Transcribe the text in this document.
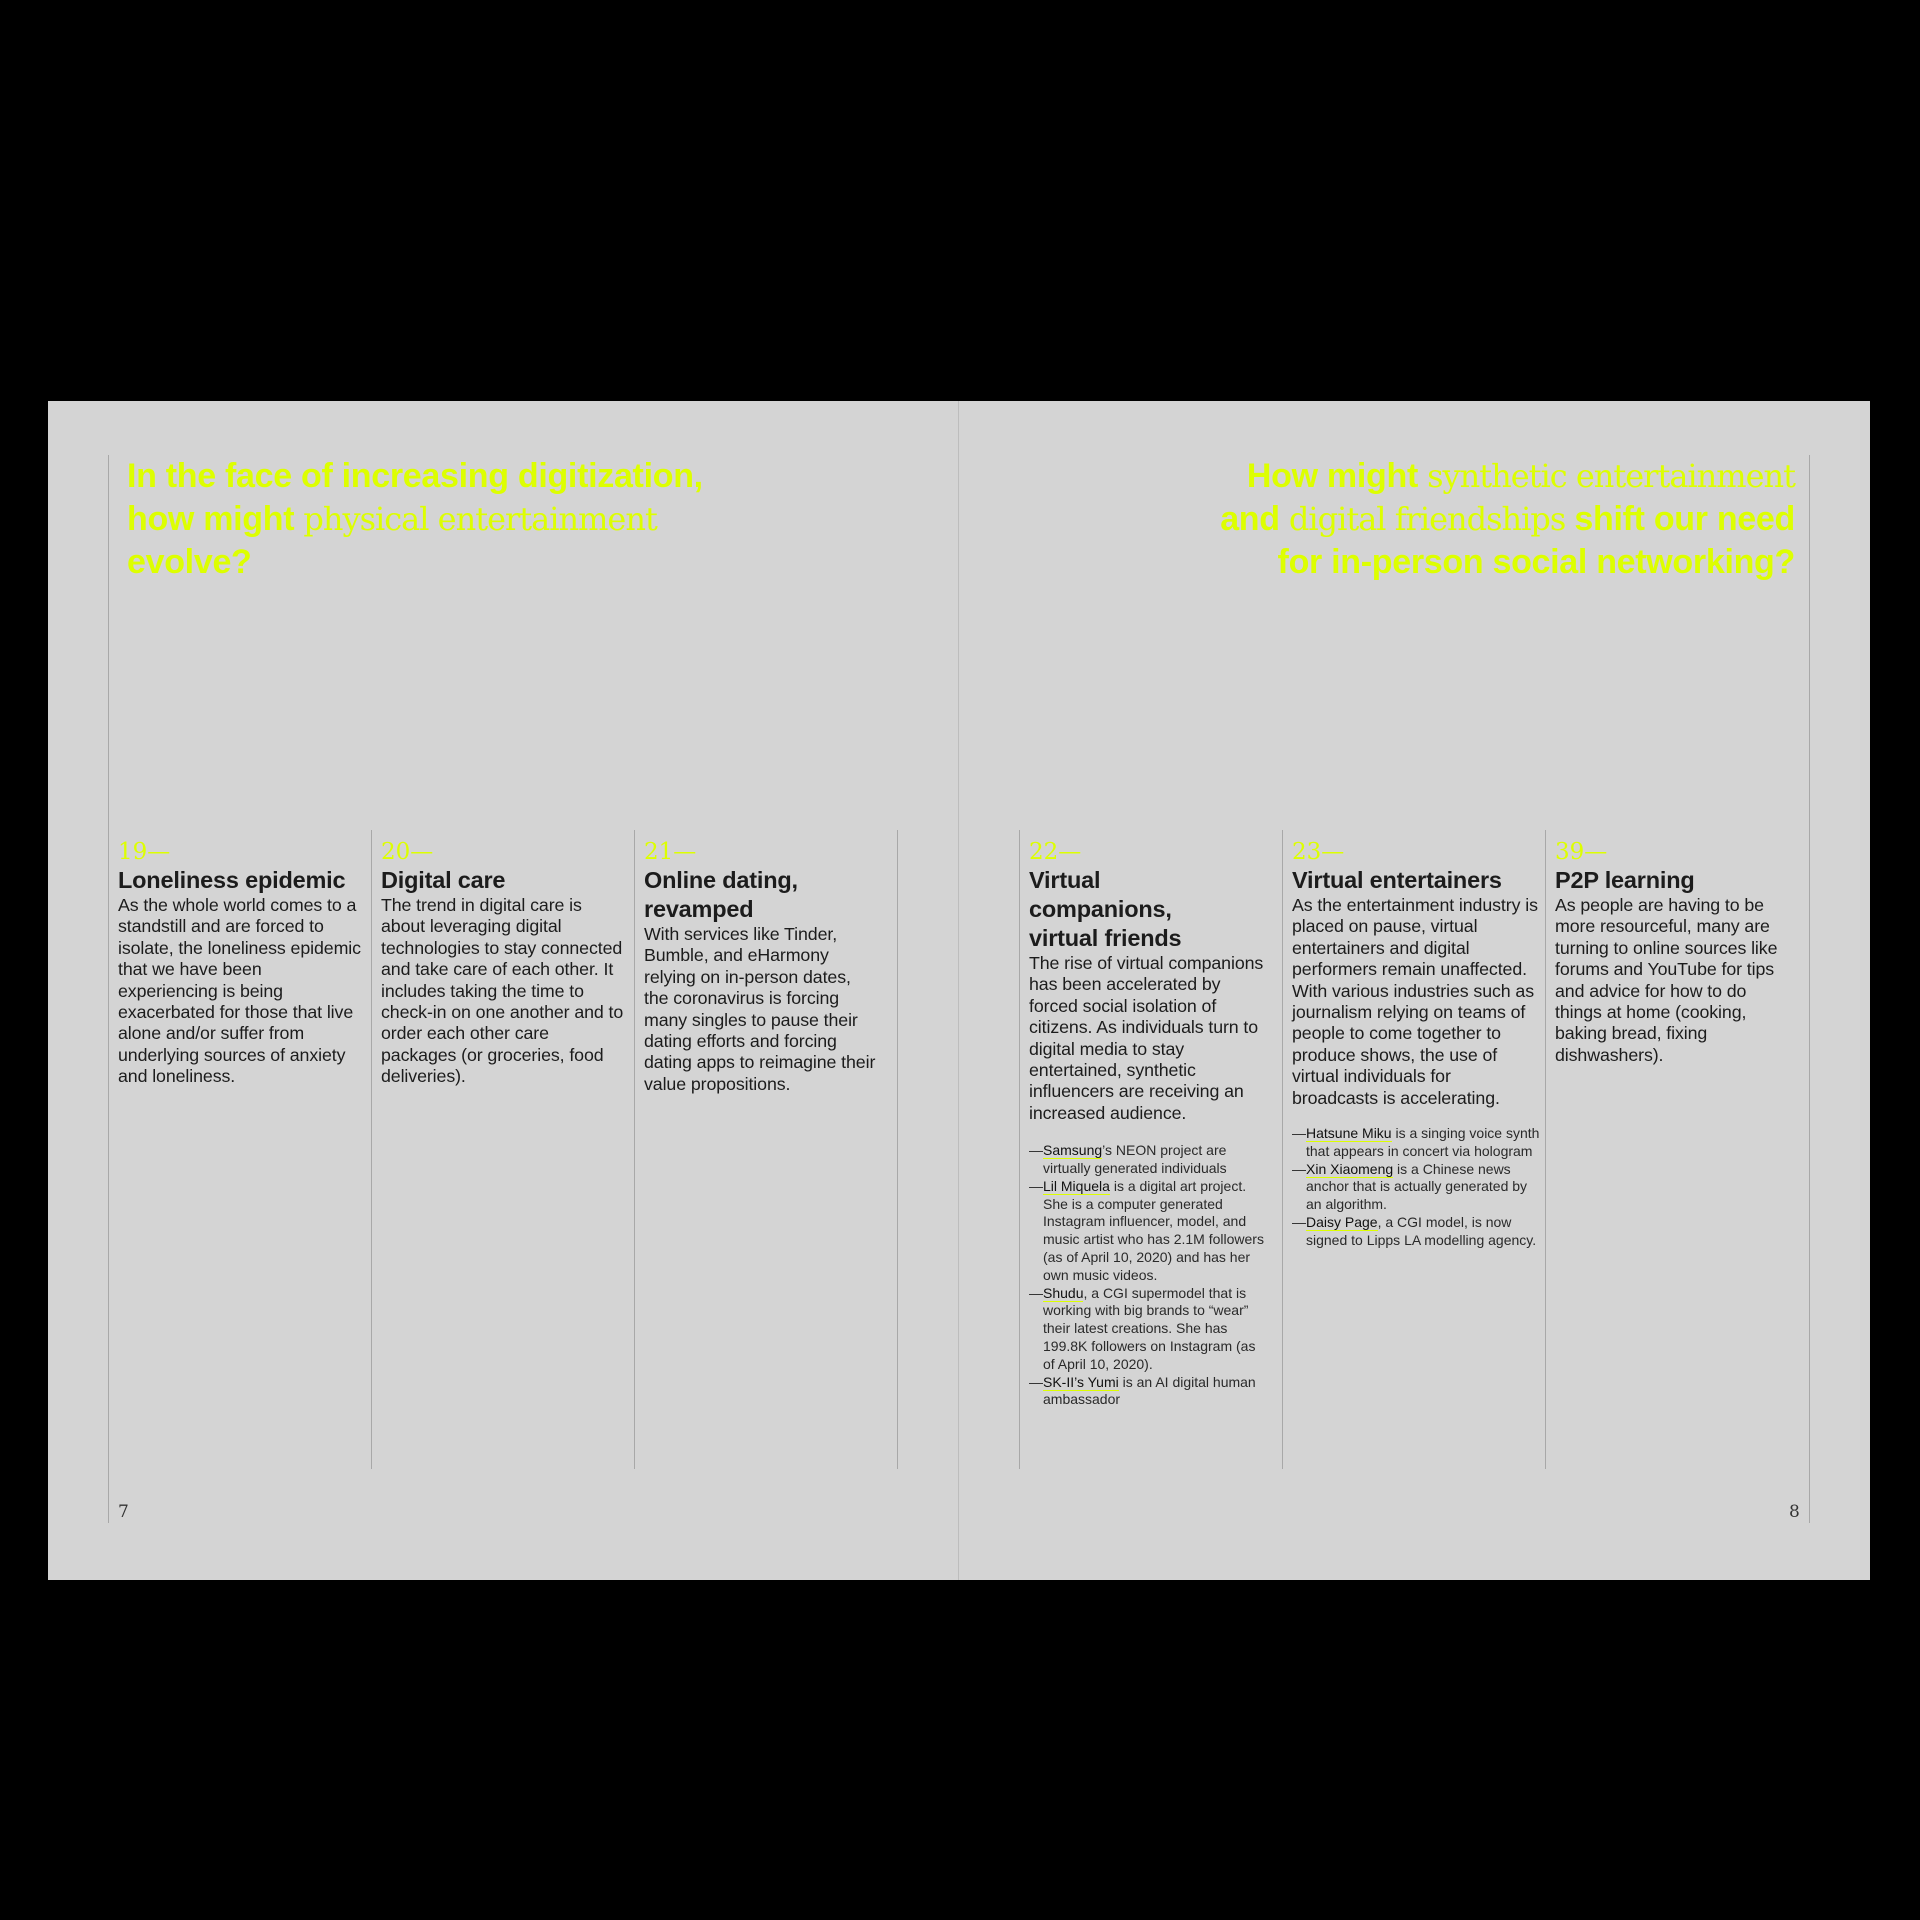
In the face of increasing digitization, how might physical entertainment evolve?
How might synthetic entertainment and digital friendships shift our need for in-person social networking?
19—
Loneliness epidemic

As the whole world comes to a standstill and are forced to isolate, the loneliness epidemic that we have been experiencing is being exacerbated for those that live alone and/or suffer from underlying sources of anxiety and loneliness.

20—
Digital care

The trend in digital care is about leveraging digital technologies to stay connected and take care of each other. It includes taking the time to check-in on one another and to order each other care packages (or groceries, food deliveries).

21—
Online dating, revamped

With services like Tinder, Bumble, and eHarmony relying on in-person dates, the coronavirus is forcing many singles to pause their dating efforts and forcing dating apps to reimagine their value propositions.

22—
Virtual companions, virtual friends

The rise of virtual companions has been accelerated by forced social isolation of citizens. As individuals turn to digital media to stay entertained, synthetic influencers are receiving an increased audience.

—Samsung’s NEON project are virtually generated individuals
—Lil Miquela is a digital art project. She is a computer generated Instagram influencer, model, and music artist who has 2.1M followers (as of April 10, 2020) and has her own music videos.
—Shudu, a CGI supermodel that is working with big brands to “wear” their latest creations. She has 199.8K followers on Instagram (as of April 10, 2020).
—SK-II’s Yumi is an AI digital human ambassador
23—
Virtual entertainers

As the entertainment industry is placed on pause, virtual entertainers and digital performers remain unaffected. With various industries such as journalism relying on teams of people to come together to produce shows, the use of virtual individuals for broadcasts is accelerating.

—Hatsune Miku is a singing voice synth that appears in concert via hologram
—Xin Xiaomeng is a Chinese news anchor that is actually generated by an algorithm.
—Daisy Page, a CGI model, is now signed to Lipps LA modelling agency.
39—
P2P learning

As people are having to be more resourceful, many are turning to online sources like forums and YouTube for tips and advice for how to do things at home (cooking, baking bread, fixing dishwashers).

7	8
